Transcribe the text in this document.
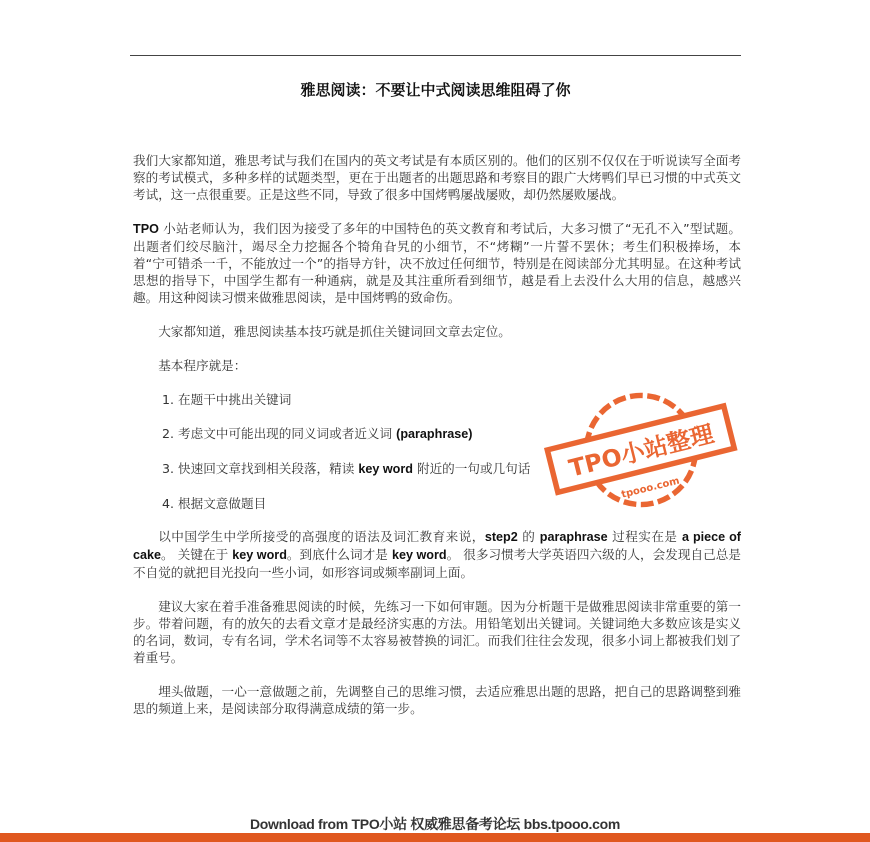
雅思阅读：不要让中式阅读思维阻碍了你

我们大家都知道，雅思考试与我们在国内的英文考试是有本质区别的。他们的区别不仅仅在于听说读写全面考察的考试模式，多种多样的试题类型，更在于出题者的出题思路和考察目的跟广大烤鸭们早已习惯的中式英文考试，这一点很重要。正是这些不同，导致了很多中国烤鸭屡战屡败，却仍然屡败屡战。

TPO 小站老师认为，我们因为接受了多年的中国特色的英文教育和考试后，大多习惯了“无孔不入”型试题。出题者们绞尽脑汁，竭尽全力挖掘各个犄角旮旯的小细节，不“烤糊”一片誓不罢休；考生们积极捧场，本着“宁可错杀一千，不能放过一个”的指导方针，决不放过任何细节，特别是在阅读部分尤其明显。在这种考试思想的指导下，中国学生都有一种通病，就是及其注重所看到细节，越是看上去没什么大用的信息，越感兴趣。用这种阅读习惯来做雅思阅读，是中国烤鸭的致命伤。

大家都知道，雅思阅读基本技巧就是抓住关键词回文章去定位。

基本程序就是：

1. 在题干中挑出关键词
2. 考虑文中可能出现的同义词或者近义词 (paraphrase)
3. 快速回文章找到相关段落，精读 key word 附近的一句或几句话
4. 根据文意做题目
TPO小站整理
tpooo.com

以中国学生中学所接受的高强度的语法及词汇教育来说，step2 的 paraphrase 过程实在是 a piece of cake。 关键在于 key word。到底什么词才是 key word。 很多习惯考大学英语四六级的人，会发现自己总是不自觉的就把目光投向一些小词，如形容词或频率副词上面。

建议大家在着手准备雅思阅读的时候，先练习一下如何审题。因为分析题干是做雅思阅读非常重要的第一步。带着问题，有的放矢的去看文章才是最经济实惠的方法。用铅笔划出关键词。关键词绝大多数应该是实义的名词，数词，专有名词，学术名词等不太容易被替换的词汇。而我们往往会发现，很多小词上都被我们划了着重号。

埋头做题，一心一意做题之前，先调整自己的思维习惯，去适应雅思出题的思路，把自己的思路调整到雅思的频道上来，是阅读部分取得满意成绩的第一步。

Download from TPO小站 权威雅思备考论坛 bbs.tpooo.com
